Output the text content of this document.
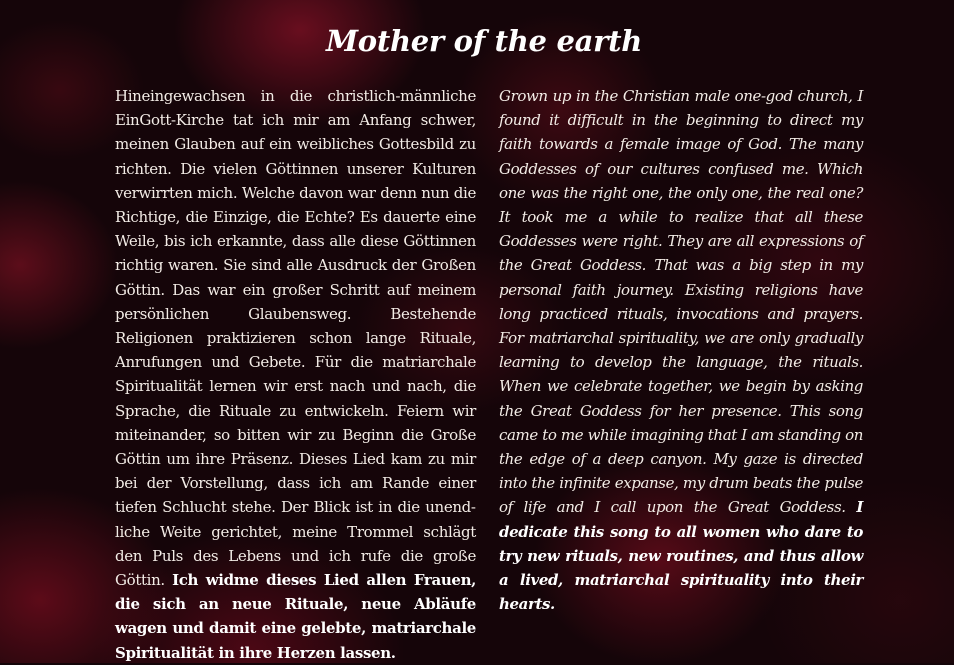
Mother of the earth
Hineingewachsen in die christlich-männliche EinGott-Kirche tat ich mir am Anfang schwer, meinen Glauben auf ein weibliches Gottesbild zu richten. Die vielen Göttinnen unserer Kulturen verwirrten mich. Welche davon war denn nun die Richtige, die Einzige, die Echte? Es dauerte eine Weile, bis ich erkannte, dass alle diese Göttinnen richtig waren. Sie sind alle Ausdruck der Großen Göttin. Das war ein großer Schritt auf meinem persönlichen Glaubensweg. Bestehende Religionen praktizieren schon lange Rituale, Anrufungen und Gebete. Für die matriarchale Spiritualität lernen wir erst nach und nach, die Sprache, die Rituale zu entwickeln. Feiern wir miteinander, so bitten wir zu Beginn die Große Göttin um ihre Präsenz. Dieses Lied kam zu mir bei der Vorstellung, dass ich am Rande einer tiefen Schlucht stehe. Der Blick ist in die unendliche Weite gerichtet, meine Trommel schlägt den Puls des Lebens und ich rufe die große Göttin. Ich widme dieses Lied allen Frauen, die sich an neue Rituale, neue Abläufe wagen und damit eine gelebte, matriarchale Spiritualität in ihre Herzen lassen.
Grown up in the Christian male one-god church, I found it difficult in the beginning to direct my faith towards a female image of God. The many Goddesses of our cultures confused me. Which one was the right one, the only one, the real one? It took me a while to realize that all these Goddesses were right. They are all expressions of the Great Goddess. That was a big step in my personal faith journey. Existing religions have long practiced rituals, invocations and prayers. For matriarchal spirituality, we are only gradually learning to develop the language, the rituals. When we celebrate together, we begin by asking the Great Goddess for her presence. This song came to me while imagining that I am standing on the edge of a deep canyon. My gaze is directed into the infinite expanse, my drum beats the pulse of life and I call upon the Great Goddess. I dedicate this song to all women who dare to try new rituals, new routines, and thus allow a lived, matriarchal spirituality into their hearts.
